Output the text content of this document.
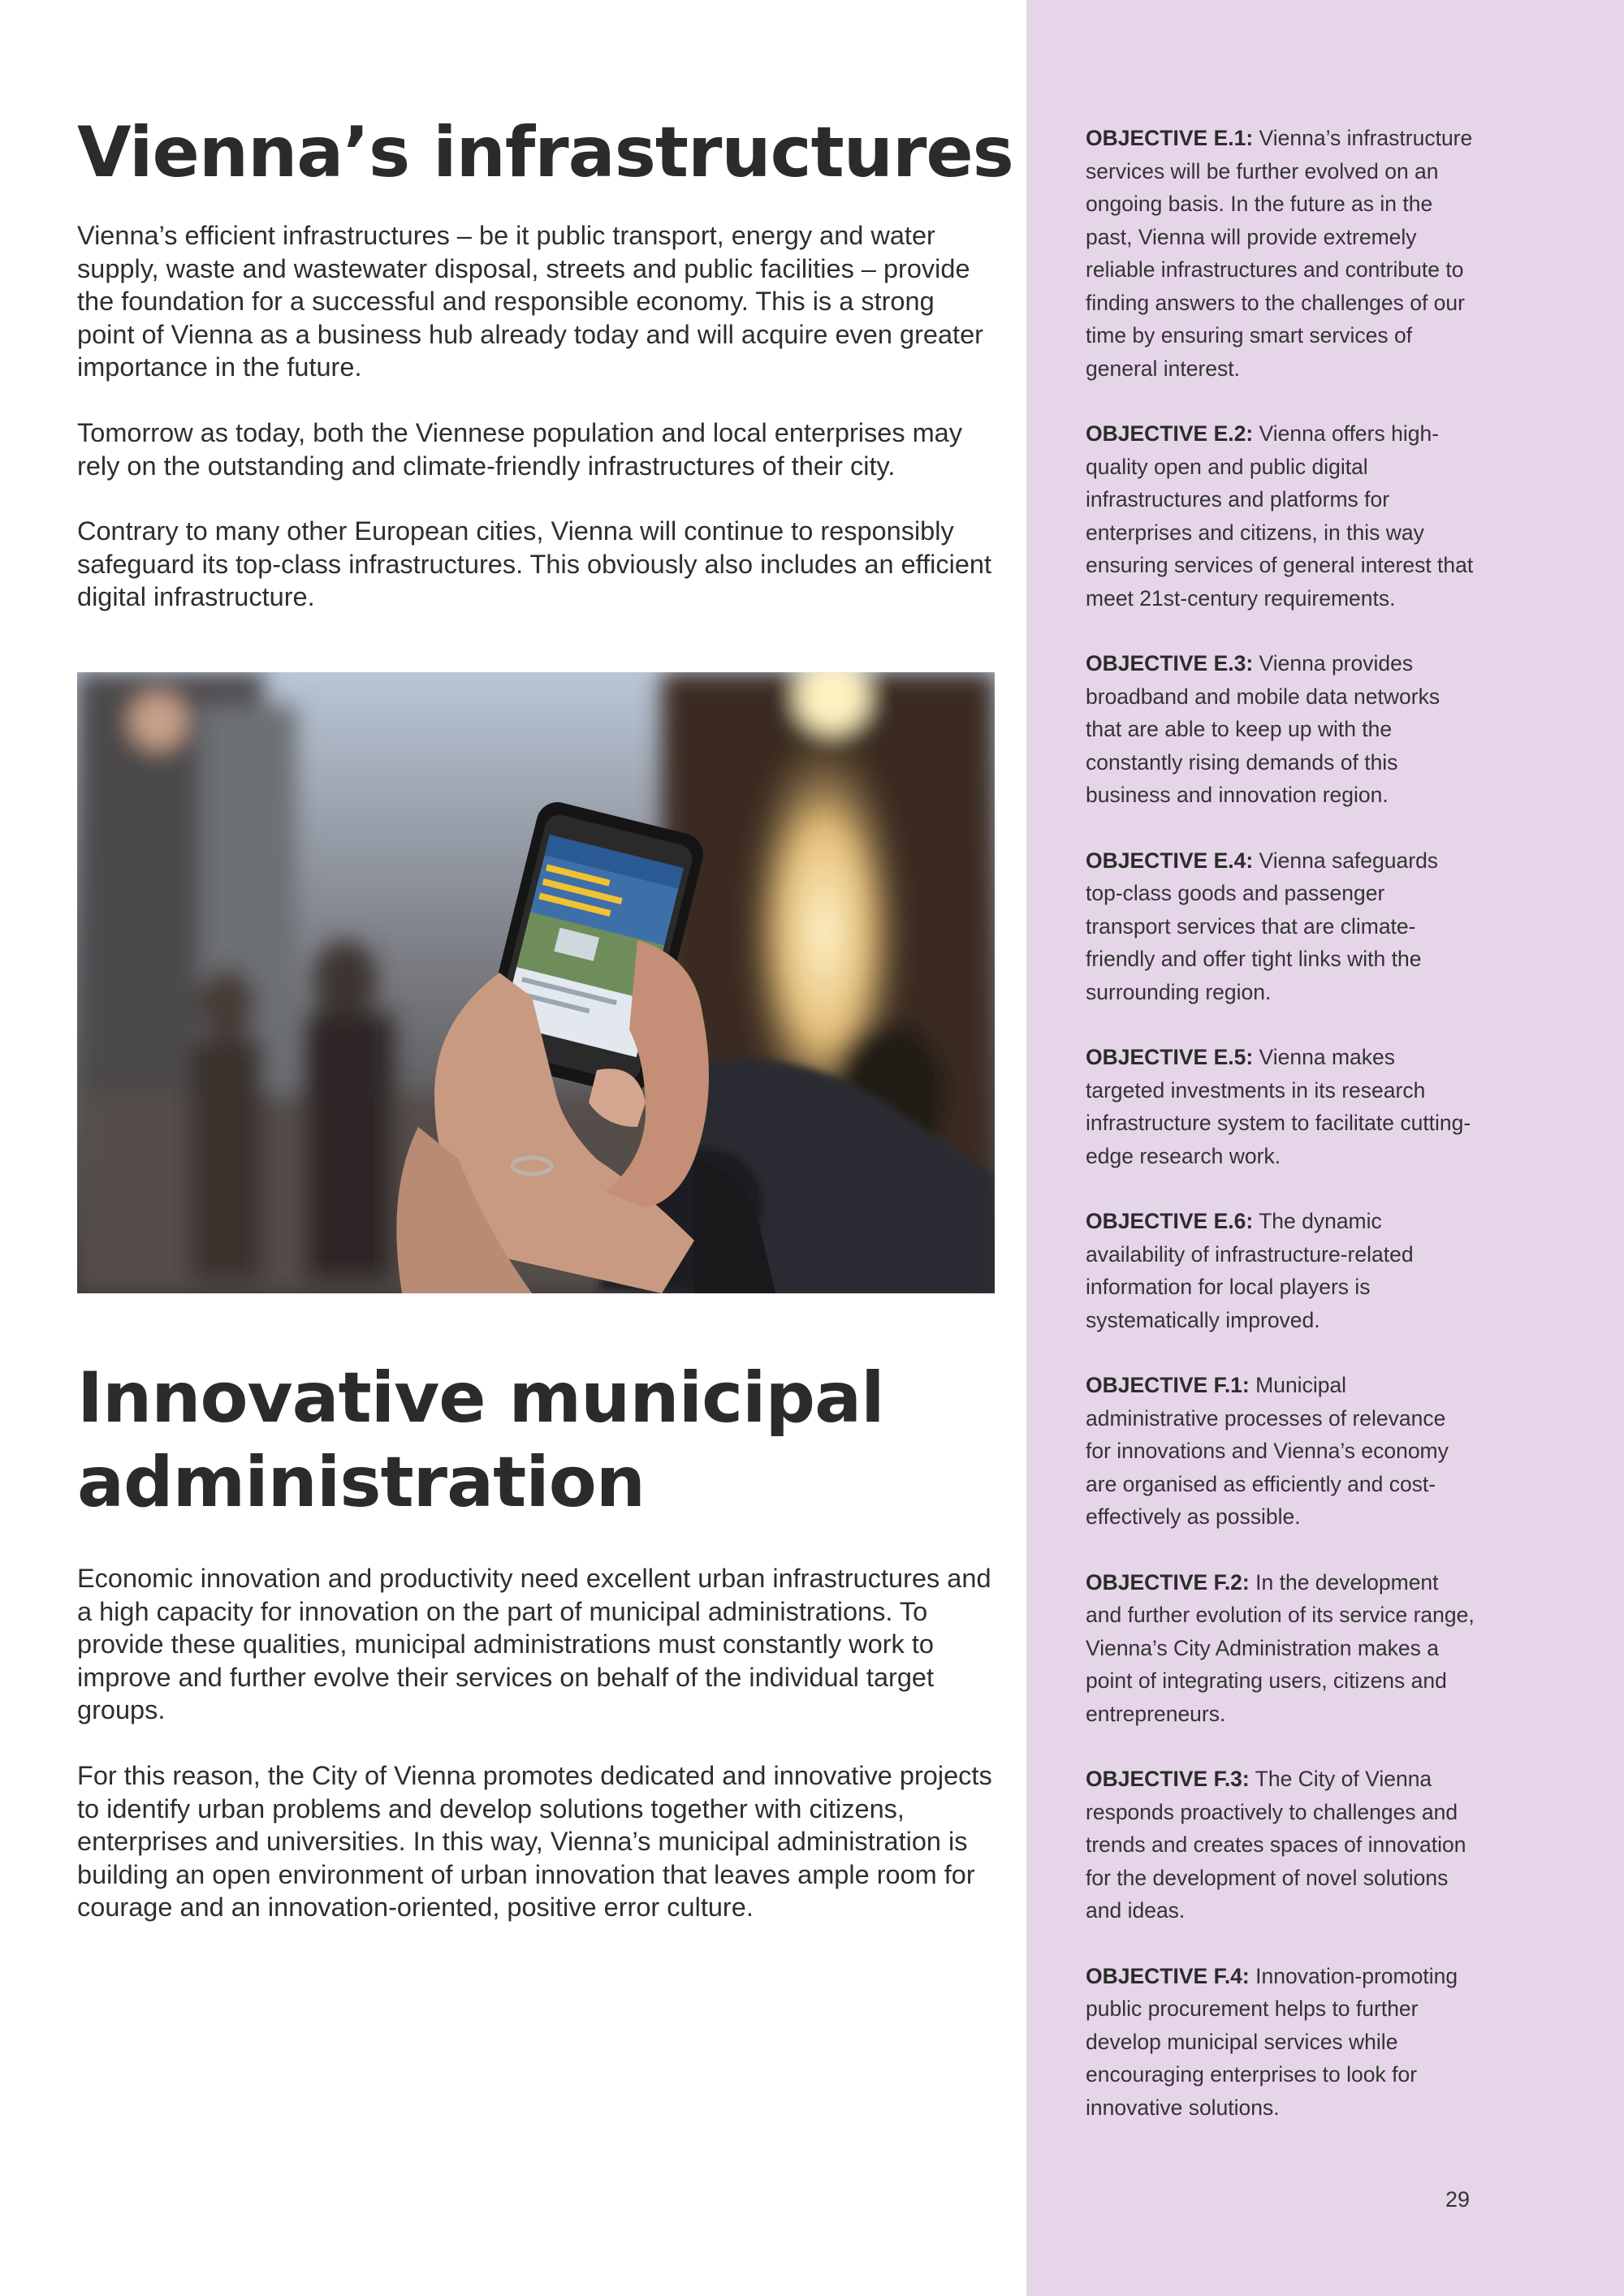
Vienna’s infrastructures

Vienna’s efficient infrastructures – be it public transport, energy and water supply, waste and wastewater disposal, streets and public facilities – provide the foundation for a successful and responsible economy. This is a strong point of Vienna as a business hub already today and will acquire even greater importance in the future.

Tomorrow as today, both the Viennese population and local enterprises may rely on the outstanding and climate-friendly infrastructures of their city.

Contrary to many other European cities, Vienna will continue to responsibly safeguard its top-class infrastructures. This obviously also includes an efficient digital infrastructure.

Innovative municipal
administration

Economic innovation and productivity need excellent urban infrastructures and a high capacity for innovation on the part of municipal administrations. To provide these qualities, municipal administrations must constantly work to improve and further evolve their services on behalf of the individual target groups.

For this reason, the City of Vienna promotes dedicated and innovative projects to identify urban problems and develop solutions together with citizens, enterprises and universities. In this way, Vienna’s municipal administration is building an open environment of urban innovation that leaves ample room for courage and an innovation-oriented, positive error culture.

OBJECTIVE E.1: Vienna’s infrastructure services will be further evolved on an ongoing basis. In the future as in the past, Vienna will provide extremely reliable infrastructures and contribute to finding answers to the challenges of our time by ensuring smart services of general interest.

OBJECTIVE E.2: Vienna offers high-quality open and public digital infrastructures and platforms for enterprises and citizens, in this way ensuring services of general interest that meet 21st-century requirements.

OBJECTIVE E.3: Vienna provides broadband and mobile data networks that are able to keep up with the constantly rising demands of this business and innovation region.

OBJECTIVE E.4: Vienna safeguards top-class goods and passenger transport services that are climate-friendly and offer tight links with the surrounding region.

OBJECTIVE E.5: Vienna makes targeted investments in its research infrastructure system to facilitate cutting-edge research work.

OBJECTIVE E.6: The dynamic availability of infrastructure-related information for local players is systematically improved.

OBJECTIVE F.1: Municipal administrative processes of relevance for innovations and Vienna’s economy are organised as efficiently and cost-effectively as possible.

OBJECTIVE F.2: In the development and further evolution of its service range, Vienna’s City Administration makes a point of integrating users, citizens and entrepreneurs.

OBJECTIVE F.3: The City of Vienna responds proactively to challenges and trends and creates spaces of innovation for the development of novel solutions and ideas.

OBJECTIVE F.4: Innovation-promoting public procurement helps to further develop municipal services while encouraging enterprises to look for innovative solutions.

29
